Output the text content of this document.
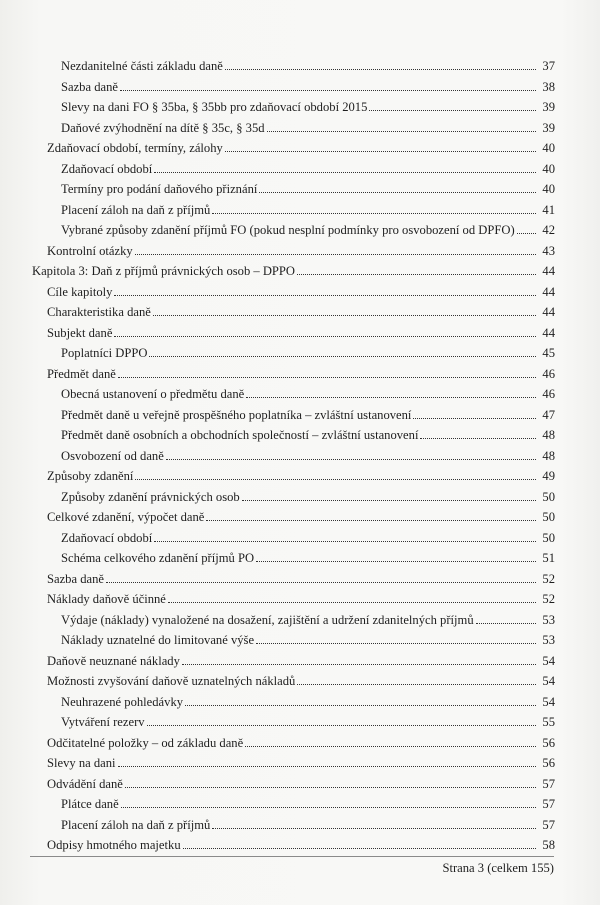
Nezdanitelné části základu daně	37
Sazba daně	38
Slevy na dani FO § 35ba, § 35bb pro zdaňovací období 2015	39
Daňové zvýhodnění na dítě § 35c, § 35d	39
Zdaňovací období, termíny, zálohy	40
Zdaňovací období	40
Termíny pro podání daňového přiznání	40
Placení záloh na daň z příjmů	41
Vybrané způsoby zdanění příjmů FO (pokud nesplní podmínky pro osvobození od DPFO)	42
Kontrolní otázky	43
Kapitola 3: Daň z příjmů právnických osob – DPPO	44
Cíle kapitoly	44
Charakteristika daně	44
Subjekt daně	44
Poplatníci DPPO	45
Předmět daně	46
Obecná ustanovení o předmětu daně	46
Předmět daně u veřejně prospěšného poplatníka – zvláštní ustanovení	47
Předmět daně osobních a obchodních společností – zvláštní ustanovení	48
Osvobození od daně	48
Způsoby zdanění	49
Způsoby zdanění právnických osob	50
Celkové zdanění, výpočet daně	50
Zdaňovací období	50
Schéma celkového zdanění příjmů PO	51
Sazba daně	52
Náklady daňově účinné	52
Výdaje (náklady) vynaložené na dosažení, zajištění a udržení zdanitelných příjmů	53
Náklady uznatelné do limitované výše	53
Daňově neuznané náklady	54
Možnosti zvyšování daňově uznatelných nákladů	54
Neuhrazené pohledávky	54
Vytváření rezerv	55
Odčitatelné položky – od základu daně	56
Slevy na dani	56
Odvádění daně	57
Plátce daně	57
Placení záloh na daň z příjmů	57
Odpisy hmotného majetku	58
Strana 3 (celkem 155)
